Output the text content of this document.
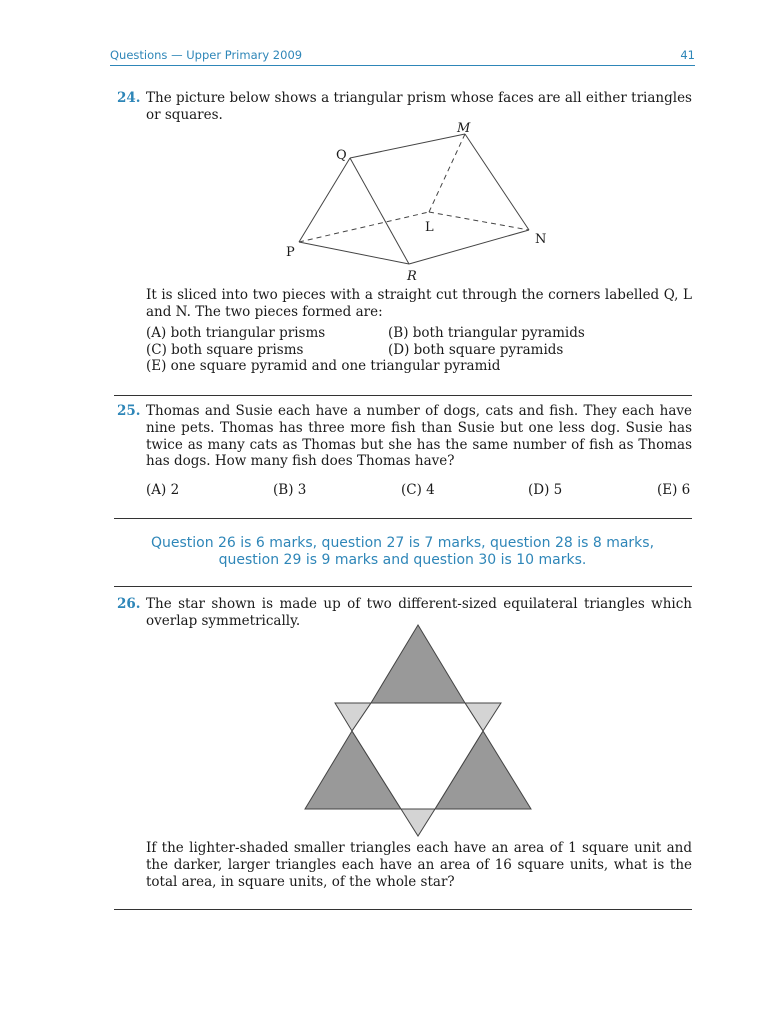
Questions — Upper Primary 2009	41
24. The picture below shows a triangular prism whose faces are all either triangles or squares.
M
Q
L
N
P
R
It is sliced into two pieces with a straight cut through the corners labelled Q, L and N. The two pieces formed are:
(A) both triangular prisms	(B) both triangular pyramids
(C) both square prisms	(D) both square pyramids
(E) one square pyramid and one triangular pyramid
25. Thomas and Susie each have a number of dogs, cats and fish. They each have nine pets. Thomas has three more fish than Susie but one less dog. Susie has twice as many cats as Thomas but she has the same number of fish as Thomas has dogs. How many fish does Thomas have?
(A) 2	(B) 3	(C) 4	(D) 5	(E) 6
Question 26 is 6 marks, question 27 is 7 marks, question 28 is 8 marks,
question 29 is 9 marks and question 30 is 10 marks.
26. The star shown is made up of two different-sized equilateral triangles which overlap symmetrically.
If the lighter-shaded smaller triangles each have an area of 1 square unit and the darker, larger triangles each have an area of 16 square units, what is the total area, in square units, of the whole star?
